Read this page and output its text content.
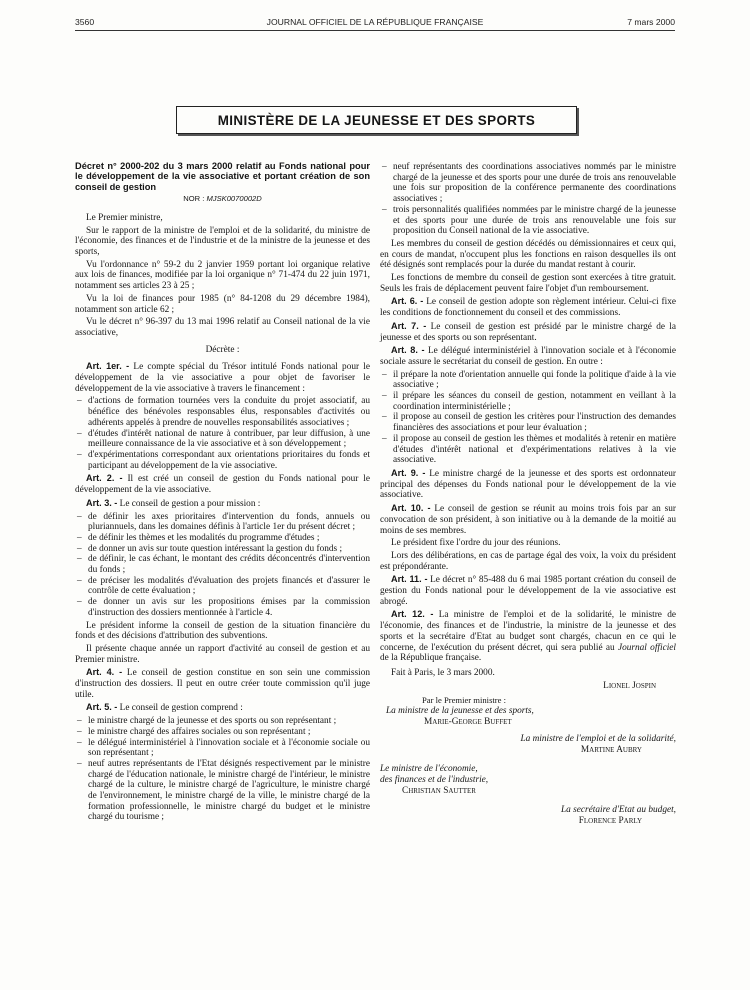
3560	JOURNAL OFFICIEL DE LA RÉPUBLIQUE FRANÇAISE	7 mars 2000
MINISTÈRE DE LA JEUNESSE ET DES SPORTS

Décret n° 2000-202 du 3 mars 2000 relatif au Fonds national pour le développement de la vie associative et portant création de son conseil de gestion

NOR : MJSK0070002D

Le Premier ministre,

Sur le rapport de la ministre de l'emploi et de la solidarité, du ministre de l'économie, des finances et de l'industrie et de la ministre de la jeunesse et des sports,

Vu l'ordonnance n° 59-2 du 2 janvier 1959 portant loi organique relative aux lois de finances, modifiée par la loi organique n° 71-474 du 22 juin 1971, notamment ses articles 23 à 25 ;

Vu la loi de finances pour 1985 (n° 84-1208 du 29 décembre 1984), notamment son article 62 ;

Vu le décret n° 96-397 du 13 mai 1996 relatif au Conseil national de la vie associative,

Décrète :

Art. 1er. - Le compte spécial du Trésor intitulé Fonds national pour le développement de la vie associative a pour objet de favoriser le développement de la vie associative à travers le financement :

– d'actions de formation tournées vers la conduite du projet associatif, au bénéfice des bénévoles responsables élus, responsables d'activités ou adhérents appelés à prendre de nouvelles responsabilités associatives ;
– d'études d'intérêt national de nature à contribuer, par leur diffusion, à une meilleure connaissance de la vie associative et à son développement ;
– d'expérimentations correspondant aux orientations prioritaires du fonds et participant au développement de la vie associative.

Art. 2. - Il est créé un conseil de gestion du Fonds national pour le développement de la vie associative.

Art. 3. - Le conseil de gestion a pour mission :

– de définir les axes prioritaires d'intervention du fonds, annuels ou pluriannuels, dans les domaines définis à l'article 1er du présent décret ;
– de définir les thèmes et les modalités du programme d'études ;
– de donner un avis sur toute question intéressant la gestion du fonds ;
– de définir, le cas échant, le montant des crédits déconcentrés d'intervention du fonds ;
– de préciser les modalités d'évaluation des projets financés et d'assurer le contrôle de cette évaluation ;
– de donner un avis sur les propositions émises par la commission d'instruction des dossiers mentionnée à l'article 4.

Le président informe la conseil de gestion de la situation financière du fonds et des décisions d'attribution des subventions.

Il présente chaque année un rapport d'activité au conseil de gestion et au Premier ministre.

Art. 4. - Le conseil de gestion constitue en son sein une commission d'instruction des dossiers. Il peut en outre créer toute commission qu'il juge utile.

Art. 5. - Le conseil de gestion comprend :

– le ministre chargé de la jeunesse et des sports ou son représentant ;
– le ministre chargé des affaires sociales ou son représentant ;
– le délégué interministériel à l'innovation sociale et à l'économie sociale ou son représentant ;
– neuf autres représentants de l'Etat désignés respectivement par le ministre chargé de l'éducation nationale, le ministre chargé de l'intérieur, le ministre chargé de la culture, le ministre chargé de l'agriculture, le ministre chargé de l'environnement, le ministre chargé de la ville, le ministre chargé de la formation professionnelle, le ministre chargé du budget et le ministre chargé du tourisme ;
– neuf représentants des coordinations associatives nommés par le ministre chargé de la jeunesse et des sports pour une durée de trois ans renouvelable une fois sur proposition de la conférence permanente des coordinations associatives ;
– trois personnalités qualifiées nommées par le ministre chargé de la jeunesse et des sports pour une durée de trois ans renouvelable une fois sur proposition du Conseil national de la vie associative.

Les membres du conseil de gestion décédés ou démissionnaires et ceux qui, en cours de mandat, n'occupent plus les fonctions en raison desquelles ils ont été désignés sont remplacés pour la durée du mandat restant à courir.

Les fonctions de membre du conseil de gestion sont exercées à titre gratuit. Seuls les frais de déplacement peuvent faire l'objet d'un remboursement.

Art. 6. - Le conseil de gestion adopte son règlement intérieur. Celui-ci fixe les conditions de fonctionnement du conseil et des commissions.

Art. 7. - Le conseil de gestion est présidé par le ministre chargé de la jeunesse et des sports ou son représentant.

Art. 8. - Le délégué interministériel à l'innovation sociale et à l'économie sociale assure le secrétariat du conseil de gestion. En outre :

– il prépare la note d'orientation annuelle qui fonde la politique d'aide à la vie associative ;
– il prépare les séances du conseil de gestion, notamment en veillant à la coordination interministérielle ;
– il propose au conseil de gestion les critères pour l'instruction des demandes financières des associations et pour leur évaluation ;
– il propose au conseil de gestion les thèmes et modalités à retenir en matière d'études d'intérêt national et d'expérimentations relatives à la vie associative.

Art. 9. - Le ministre chargé de la jeunesse et des sports est ordonnateur principal des dépenses du Fonds national pour le développement de la vie associative.

Art. 10. - Le conseil de gestion se réunit au moins trois fois par an sur convocation de son président, à son initiative ou à la demande de la moitié au moins de ses membres.

Le président fixe l'ordre du jour des réunions.

Lors des délibérations, en cas de partage égal des voix, la voix du président est prépondérante.

Art. 11. - Le décret n° 85-488 du 6 mai 1985 portant création du conseil de gestion du Fonds national pour le développement de la vie associative est abrogé.

Art. 12. - La ministre de l'emploi et de la solidarité, le ministre de l'économie, des finances et de l'industrie, la ministre de la jeunesse et des sports et la secrétaire d'Etat au budget sont chargés, chacun en ce qui le concerne, de l'exécution du présent décret, qui sera publié au Journal officiel de la République française.

Fait à Paris, le 3 mars 2000.
Lionel Jospin
Par le Premier ministre :
La ministre de la jeunesse et des sports,
Marie-George Buffet
La ministre de l'emploi et de la solidarité,
Martine Aubry
Le ministre de l'économie,
des finances et de l'industrie,
Christian Sautter
La secrétaire d'Etat au budget,
Florence Parly
